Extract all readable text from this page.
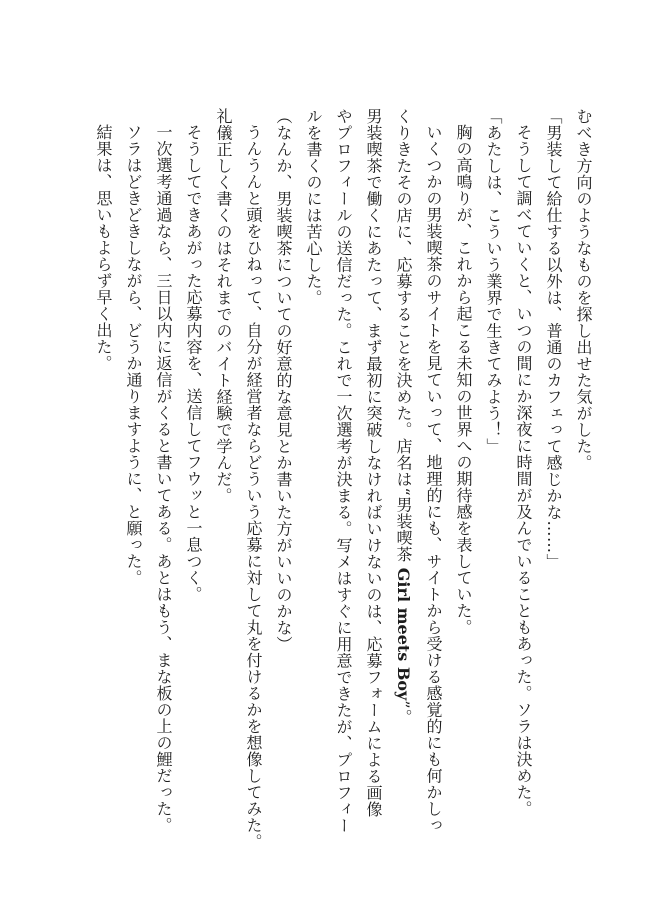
むべき方向のようなものを探し出せた気がした。

「男装して給仕する以外は、普通のカフェって感じかな……」

そうして調べていくと、いつの間にか深夜に時間が及んでいることもあった。ソラは決めた。

「あたしは、こういう業界で生きてみよう！」

胸の高鳴りが、これから起こる未知の世界への期待感を表していた。

いくつかの男装喫茶のサイトを見ていって、地理的にも、サイトから受ける感覚的にも何かしっ

くりきたその店に、応募することを決めた。店名は“男装喫茶 Girl meets Boy”。

男装喫茶で働くにあたって、まず最初に突破しなければいけないのは、応募フォームによる画像

やプロフィールの送信だった。これで一次選考が決まる。写メはすぐに用意できたが、プロフィー

ルを書くのには苦心した。

（なんか、男装喫茶についての好意的な意見とか書いた方がいいのかな）

うんうんと頭をひねって、自分が経営者ならどういう応募に対して丸を付けるかを想像してみた。

礼儀正しく書くのはそれまでのバイト経験で学んだ。

そうしてできあがった応募内容を、送信してフウッと一息つく。

一次選考通過なら、三日以内に返信がくると書いてある。あとはもう、まな板の上の鯉だった。

ソラはどきどきしながら、どうか通りますように、と願った。

結果は、思いもよらず早く出た。
